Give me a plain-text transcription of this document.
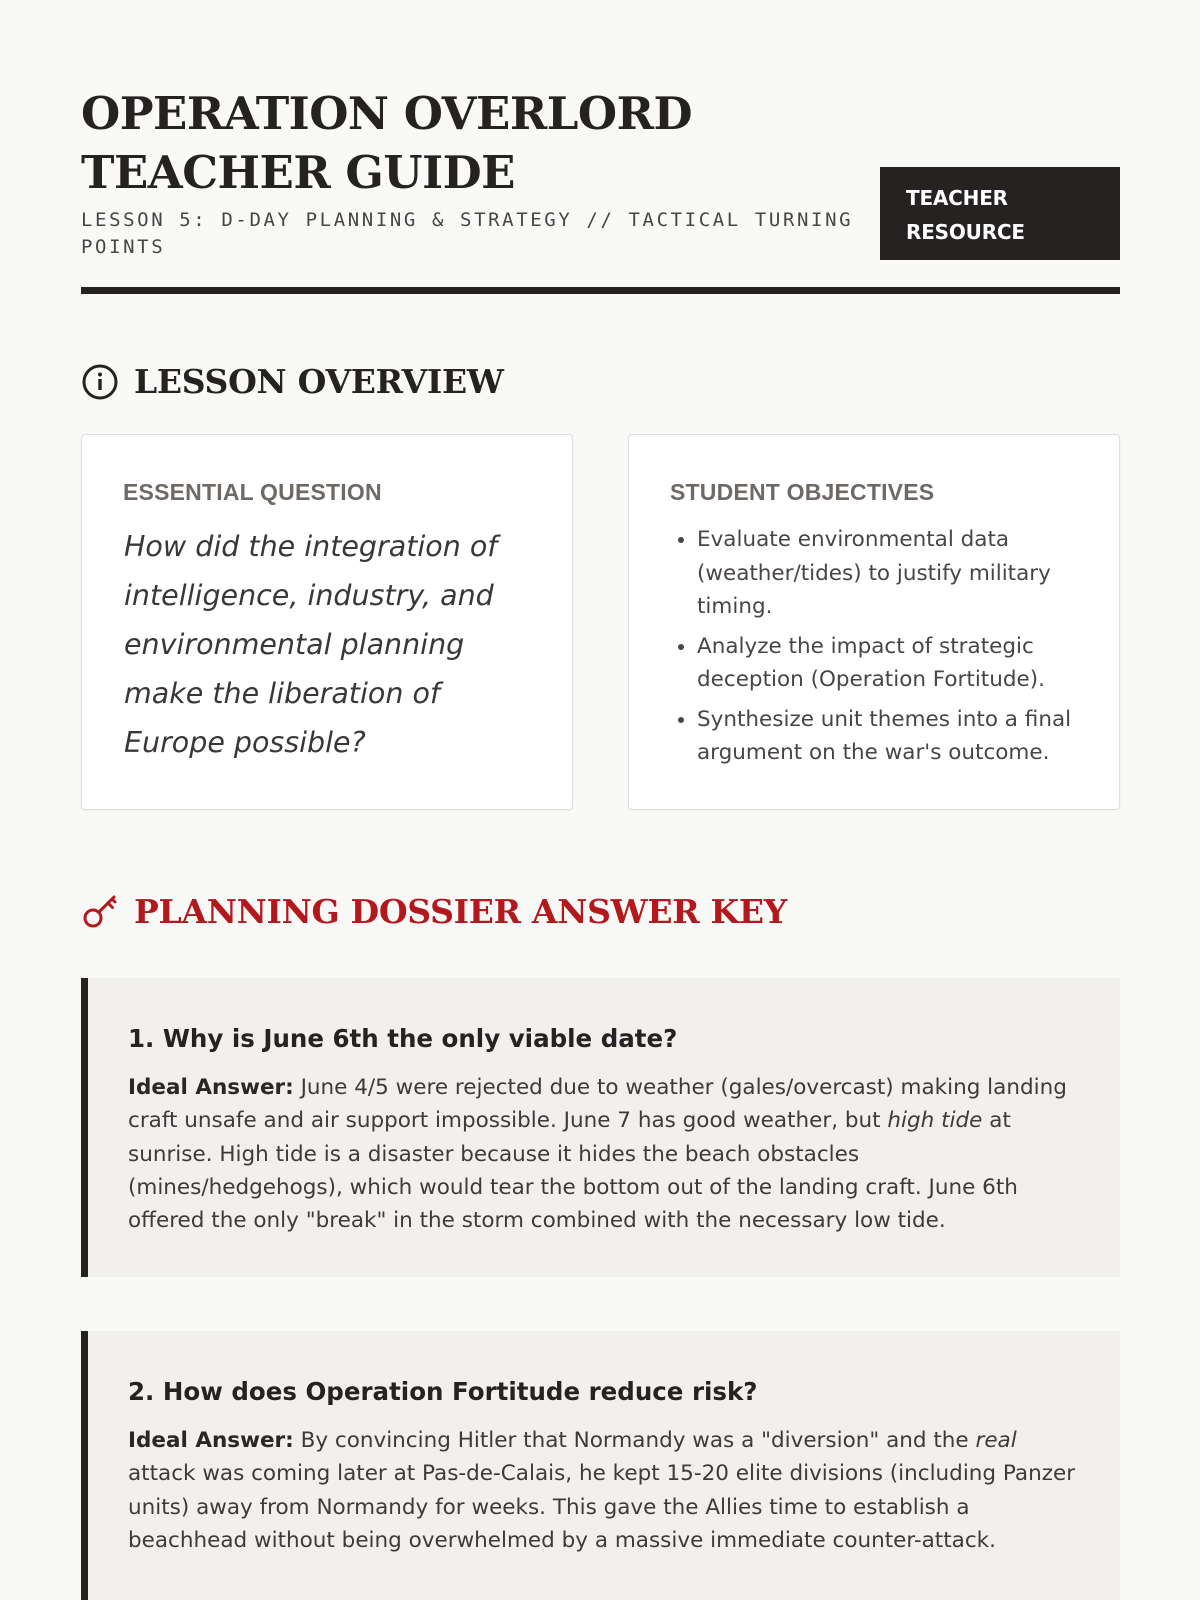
OPERATION OVERLORD TEACHER GUIDE
LESSON 5: D-DAY PLANNING & STRATEGY // TACTICAL TURNING POINTS
TEACHER RESOURCE
LESSON OVERVIEW
ESSENTIAL QUESTION
How did the integration of intelligence, industry, and environmental planning make the liberation of Europe possible?
STUDENT OBJECTIVES
• Evaluate environmental data (weather/tides) to justify military timing.
• Analyze the impact of strategic deception (Operation Fortitude).
• Synthesize unit themes into a final argument on the war's outcome.
PLANNING DOSSIER ANSWER KEY
1. Why is June 6th the only viable date?
Ideal Answer: June 4/5 were rejected due to weather (gales/overcast) making landing craft unsafe and air support impossible. June 7 has good weather, but high tide at sunrise. High tide is a disaster because it hides the beach obstacles (mines/hedgehogs), which would tear the bottom out of the landing craft. June 6th offered the only "break" in the storm combined with the necessary low tide.
2. How does Operation Fortitude reduce risk?
Ideal Answer: By convincing Hitler that Normandy was a "diversion" and the real attack was coming later at Pas-de-Calais, he kept 15-20 elite divisions (including Panzer units) away from Normandy for weeks. This gave the Allies time to establish a beachhead without being overwhelmed by a massive immediate counter-attack.
